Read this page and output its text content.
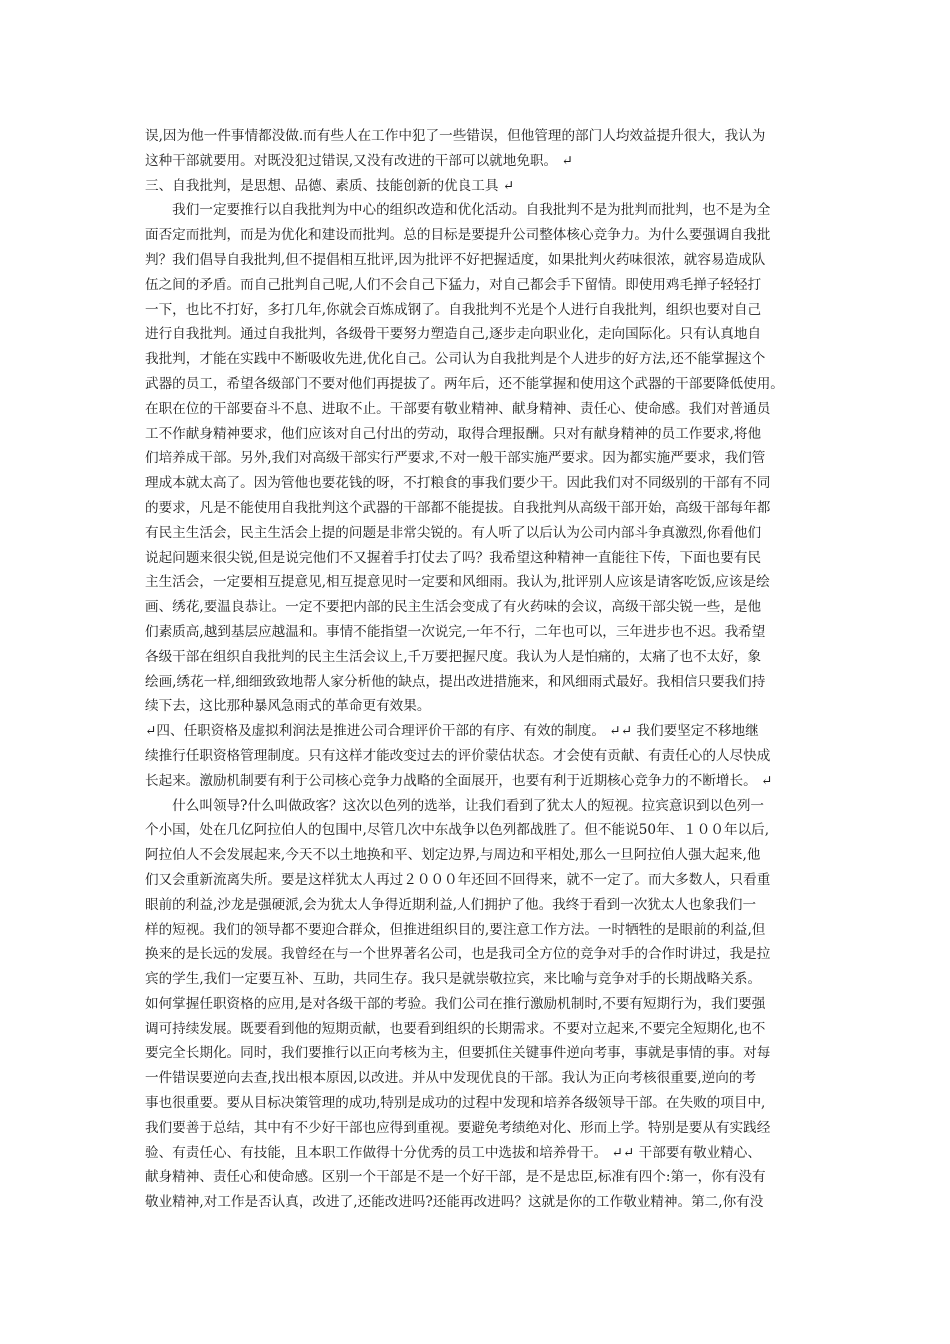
误,因为他一件事情都没做.而有些人在工作中犯了一些错误，但他管理的部门人均效益提升很大，我认为
这种干部就要用。对既没犯过错误,又没有改进的干部可以就地免职。 ↵
三、自我批判，是思想、品德、素质、技能创新的优良工具 ↵
　　我们一定要推行以自我批判为中心的组织改造和优化活动。自我批判不是为批判而批判，也不是为全
面否定而批判，而是为优化和建设而批判。总的目标是要提升公司整体核心竞争力。为什么要强调自我批
判？我们倡导自我批判,但不提倡相互批评,因为批评不好把握适度，如果批判火药味很浓，就容易造成队
伍之间的矛盾。而自己批判自己呢,人们不会自己下猛力，对自己都会手下留情。即使用鸡毛掸子轻轻打
一下，也比不打好，多打几年,你就会百炼成钢了。自我批判不光是个人进行自我批判，组织也要对自己
进行自我批判。通过自我批判，各级骨干要努力塑造自己,逐步走向职业化，走向国际化。只有认真地自
我批判，才能在实践中不断吸收先进,优化自己。公司认为自我批判是个人进步的好方法,还不能掌握这个
武器的员工，希望各级部门不要对他们再提拔了。两年后，还不能掌握和使用这个武器的干部要降低使用。
在职在位的干部要奋斗不息、进取不止。干部要有敬业精神、献身精神、责任心、使命感。我们对普通员
工不作献身精神要求，他们应该对自己付出的劳动，取得合理报酬。只对有献身精神的员工作要求,将他
们培养成干部。另外,我们对高级干部实行严要求,不对一般干部实施严要求。因为都实施严要求，我们管
理成本就太高了。因为管他也要花钱的呀，不打粮食的事我们要少干。因此我们对不同级别的干部有不同
的要求，凡是不能使用自我批判这个武器的干部都不能提拔。自我批判从高级干部开始，高级干部每年都
有民主生活会，民主生活会上提的问题是非常尖锐的。有人听了以后认为公司内部斗争真激烈,你看他们
说起问题来很尖锐,但是说完他们不又握着手打仗去了吗？我希望这种精神一直能往下传，下面也要有民
主生活会，一定要相互提意见,相互提意见时一定要和风细雨。我认为,批评别人应该是请客吃饭,应该是绘
画、绣花,要温良恭让。一定不要把内部的民主生活会变成了有火药味的会议，高级干部尖锐一些，是他
们素质高,越到基层应越温和。事情不能指望一次说完,一年不行，二年也可以，三年进步也不迟。我希望
各级干部在组织自我批判的民主生活会议上,千万要把握尺度。我认为人是怕痛的，太痛了也不太好，象
绘画,绣花一样,细细致致地帮人家分析他的缺点，提出改进措施来，和风细雨式最好。我相信只要我们持
续下去，这比那种暴风急雨式的革命更有效果。
↵四、任职资格及虚拟利润法是推进公司合理评价干部的有序、有效的制度。 ↵↵ 我们要坚定不移地继
续推行任职资格管理制度。只有这样才能改变过去的评价蒙估状态。才会使有贡献、有责任心的人尽快成
长起来。激励机制要有利于公司核心竞争力战略的全面展开，也要有利于近期核心竞争力的不断增长。 ↵
　　什么叫领导?什么叫做政客？这次以色列的选举，让我们看到了犹太人的短视。拉宾意识到以色列一
个小国，处在几亿阿拉伯人的包围中,尽管几次中东战争以色列都战胜了。但不能说50年、１００年以后,
阿拉伯人不会发展起来,今天不以土地换和平、划定边界,与周边和平相处,那么一旦阿拉伯人强大起来,他
们又会重新流离失所。要是这样犹太人再过２０００年还回不回得来，就不一定了。而大多数人，只看重
眼前的利益,沙龙是强硬派,会为犹太人争得近期利益,人们拥护了他。我终于看到一次犹太人也象我们一
样的短视。我们的领导都不要迎合群众，但推进组织目的,要注意工作方法。一时牺牲的是眼前的利益,但
换来的是长远的发展。我曾经在与一个世界著名公司，也是我司全方位的竞争对手的合作时讲过，我是拉
宾的学生,我们一定要互补、互助，共同生存。我只是就崇敬拉宾，来比喻与竞争对手的长期战略关系。
如何掌握任职资格的应用,是对各级干部的考验。我们公司在推行激励机制时,不要有短期行为，我们要强
调可持续发展。既要看到他的短期贡献，也要看到组织的长期需求。不要对立起来,不要完全短期化,也不
要完全长期化。同时，我们要推行以正向考核为主，但要抓住关键事件逆向考事，事就是事情的事。对每
一件错误要逆向去查,找出根本原因,以改进。并从中发现优良的干部。我认为正向考核很重要,逆向的考
事也很重要。要从目标决策管理的成功,特别是成功的过程中发现和培养各级领导干部。在失败的项目中,
我们要善于总结，其中有不少好干部也应得到重视。要避免考绩绝对化、形而上学。特别是要从有实践经
验、有责任心、有技能，且本职工作做得十分优秀的员工中选拔和培养骨干。 ↵↵ 干部要有敬业精心、
献身精神、责任心和使命感。区别一个干部是不是一个好干部，是不是忠臣,标准有四个:第一，你有没有
敬业精神,对工作是否认真，改进了,还能改进吗?还能再改进吗？这就是你的工作敬业精神。第二,你有没
